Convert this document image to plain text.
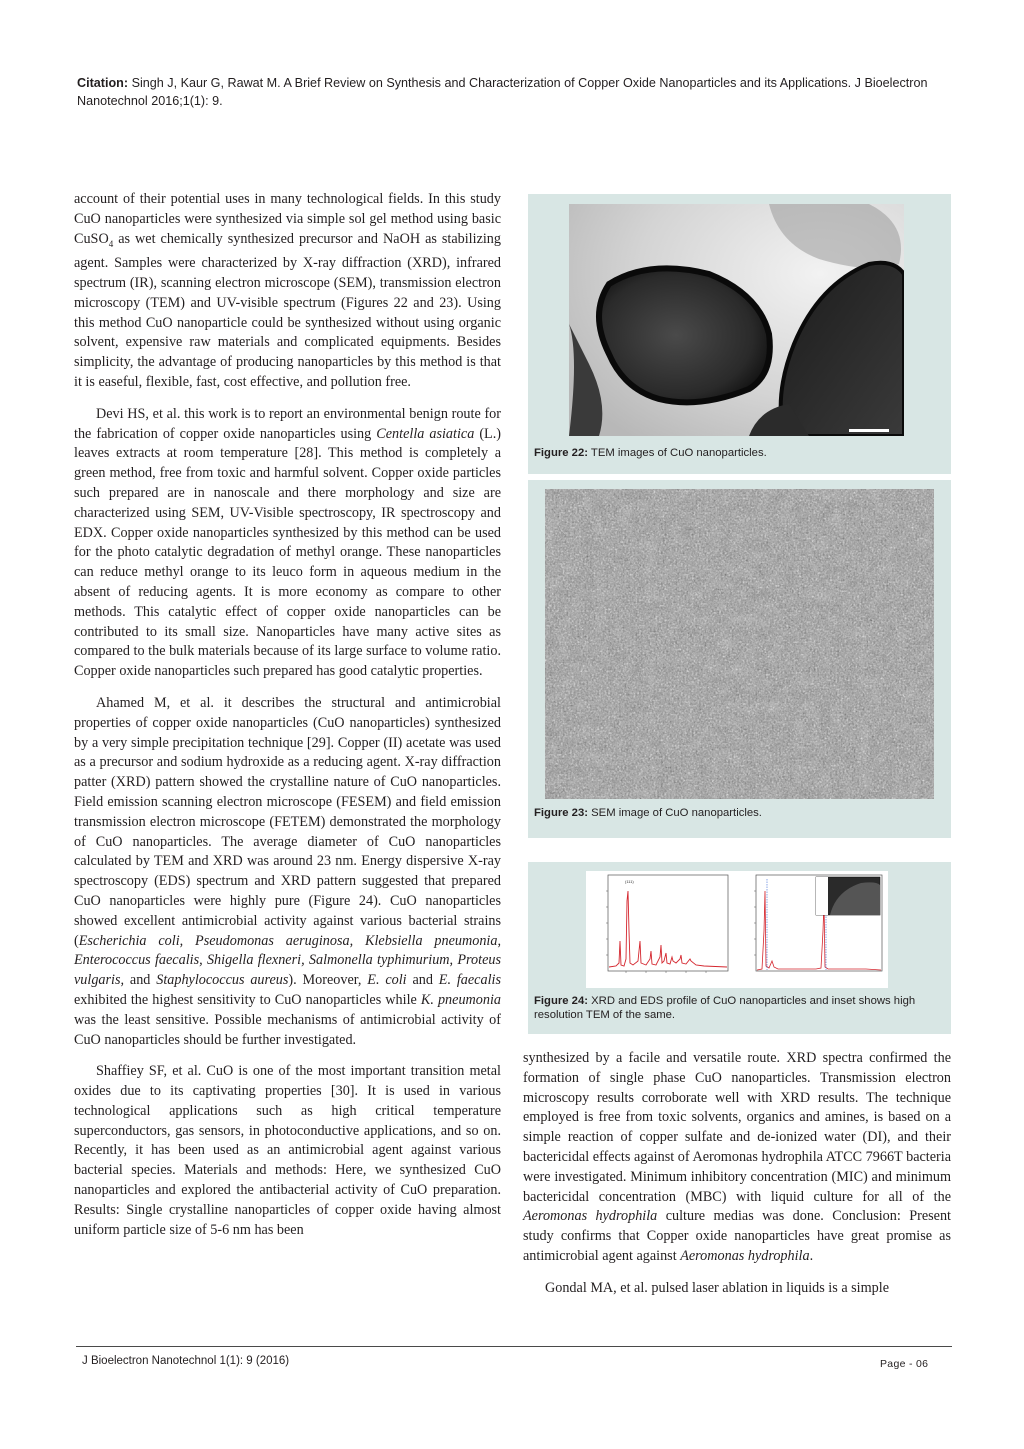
Citation: Singh J, Kaur G, Rawat M. A Brief Review on Synthesis and Characterization of Copper Oxide Nanoparticles and its Applications. J Bioelectron Nanotechnol 2016;1(1): 9.

account of their potential uses in many technological fields. In this study CuO nanoparticles were synthesized via simple sol gel method using basic CuSO$_4$ as wet chemically synthesized precursor and NaOH as stabilizing agent. Samples were characterized by X-ray diffraction (XRD), infrared spectrum (IR), scanning electron microscope (SEM), transmission electron microscopy (TEM) and UV-visible spectrum (Figures 22 and 23). Using this method CuO nanoparticle could be synthesized without using organic solvent, expensive raw materials and complicated equipments. Besides simplicity, the advantage of producing nanoparticles by this method is that it is easeful, flexible, fast, cost effective, and pollution free.

Devi HS, et al. this work is to report an environmental benign route for the fabrication of copper oxide nanoparticles using Centella asiatica (L.) leaves extracts at room temperature [28]. This method is completely a green method, free from toxic and harmful solvent. Copper oxide particles such prepared are in nanoscale and there morphology and size are characterized using SEM, UV-Visible spectroscopy, IR spectroscopy and EDX. Copper oxide nanoparticles synthesized by this method can be used for the photo catalytic degradation of methyl orange. These nanoparticles can reduce methyl orange to its leuco form in aqueous medium in the absent of reducing agents. It is more economy as compare to other methods. This catalytic effect of copper oxide nanoparticles can be contributed to its small size. Nanoparticles have many active sites as compared to the bulk materials because of its large surface to volume ratio. Copper oxide nanoparticles such prepared has good catalytic properties.

Ahamed M, et al. it describes the structural and antimicrobial properties of copper oxide nanoparticles (CuO nanoparticles) synthesized by a very simple precipitation technique [29]. Copper (II) acetate was used as a precursor and sodium hydroxide as a reducing agent. X-ray diffraction patter (XRD) pattern showed the crystalline nature of CuO nanoparticles. Field emission scanning electron microscope (FESEM) and field emission transmission electron microscope (FETEM) demonstrated the morphology of CuO nanoparticles. The average diameter of CuO nanoparticles calculated by TEM and XRD was around 23 nm. Energy dispersive X-ray spectroscopy (EDS) spectrum and XRD pattern suggested that prepared CuO nanoparticles were highly pure (Figure 24). CuO nanoparticles showed excellent antimicrobial activity against various bacterial strains (Escherichia coli, Pseudomonas aeruginosa, Klebsiella pneumonia, Enterococcus faecalis, Shigella flexneri, Salmonella typhimurium, Proteus vulgaris, and Staphylococcus aureus). Moreover, E. coli and E. faecalis exhibited the highest sensitivity to CuO nanoparticles while K. pneumonia was the least sensitive. Possible mechanisms of antimicrobial activity of CuO nanoparticles should be further investigated.

Shaffiey SF, et al. CuO is one of the most important transition metal oxides due to its captivating properties [30]. It is used in various technological applications such as high critical temperature superconductors, gas sensors, in photoconductive applications, and so on. Recently, it has been used as an antimicrobial agent against various bacterial species. Materials and methods: Here, we synthesized CuO nanoparticles and explored the antibacterial activity of CuO preparation. Results: Single crystalline nanoparticles of copper oxide having almost uniform particle size of 5-6 nm has been

Figure 22: TEM images of CuO nanoparticles.
Figure 23: SEM image of CuO nanoparticles.
(111)
Figure 24: XRD and EDS profile of CuO nanoparticles and inset shows high resolution TEM of the same.

synthesized by a facile and versatile route. XRD spectra confirmed the formation of single phase CuO nanoparticles. Transmission electron microscopy results corroborate well with XRD results. The technique employed is free from toxic solvents, organics and amines, is based on a simple reaction of copper sulfate and de-ionized water (DI), and their bactericidal effects against of Aeromonas hydrophila ATCC 7966T bacteria were investigated. Minimum inhibitory concentration (MIC) and minimum bactericidal concentration (MBC) with liquid culture for all of the Aeromonas hydrophila culture medias was done. Conclusion: Present study confirms that Copper oxide nanoparticles have great promise as antimicrobial agent against Aeromonas hydrophila.

Gondal MA, et al. pulsed laser ablation in liquids is a simple

J Bioelectron Nanotechnol 1(1): 9 (2016)	Page - 06
